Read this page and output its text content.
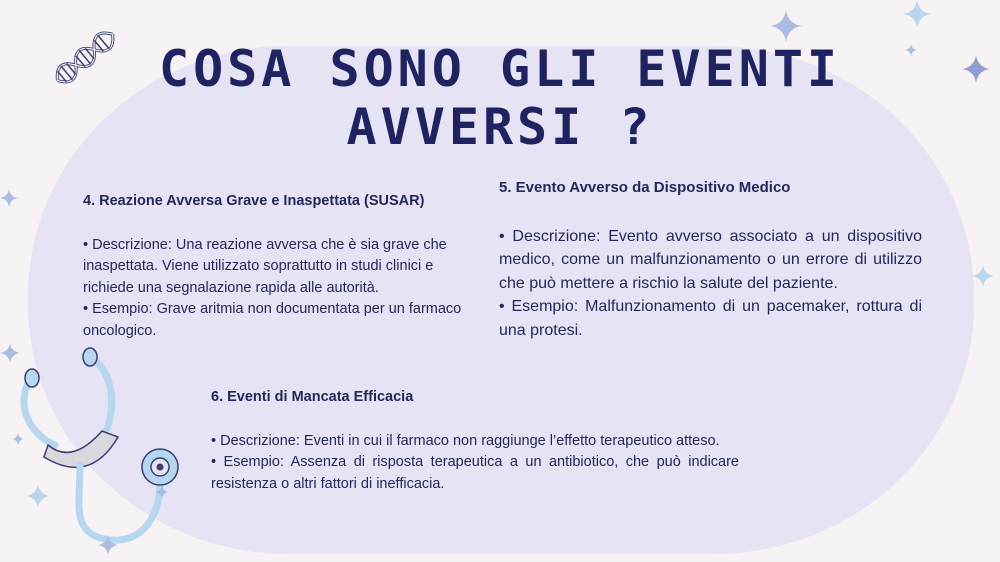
COSA SONO GLI EVENTI AVVERSI ?
4. Reazione Avversa Grave e Inaspettata (SUSAR)

• Descrizione: Una reazione avversa che è sia grave che inaspettata. Viene utilizzato soprattutto in studi clinici e richiede una segnalazione rapida alle autorità.

• Esempio: Grave aritmia non documentata per un farmaco oncologico.

5. Evento Avverso da Dispositivo Medico

• Descrizione: Evento avverso associato a un dispositivo medico, come un malfunzionamento o un errore di utilizzo che può mettere a rischio la salute del paziente.

• Esempio: Malfunzionamento di un pacemaker, rottura di una protesi.

6. Eventi di Mancata Efficacia

• Descrizione: Eventi in cui il farmaco non raggiunge l’effetto terapeutico atteso.

• Esempio: Assenza di risposta terapeutica a un antibiotico, che può indicare resistenza o altri fattori di inefficacia.
